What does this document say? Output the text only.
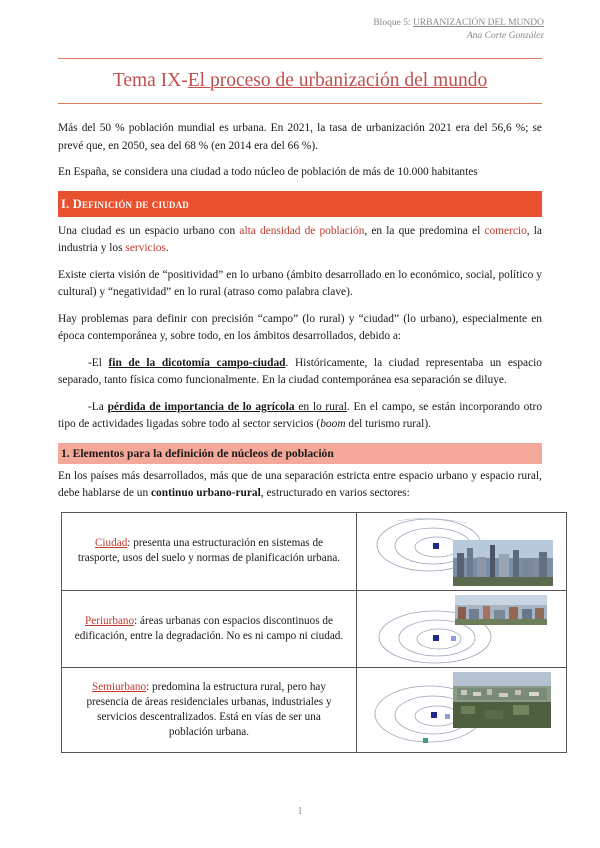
Bloque 5: URBANIZACIÓN DEL MUNDO
Ana Corte González
Tema IX-El proceso de urbanización del mundo

Más del 50 % población mundial es urbana. En 2021, la tasa de urbanización 2021 era del 56,6 %; se prevé que, en 2050, sea del 68 % (en 2014 era del 66 %).

En España, se considera una ciudad a todo núcleo de población de más de 10.000 habitantes

I. Definición de ciudad

Una ciudad es un espacio urbano con alta densidad de población, en la que predomina el comercio, la industria y los servicios.

Existe cierta visión de “positividad” en lo urbano (ámbito desarrollado en lo económico, social, político y cultural) y “negatividad” en lo rural (atraso como palabra clave).

Hay problemas para definir con precisión “campo” (lo rural) y “ciudad” (lo urbano), especialmente en época contemporánea y, sobre todo, en los ámbitos desarrollados, debido a:

-El fin de la dicotomía campo-ciudad. Históricamente, la ciudad representaba un espacio separado, tanto física como funcionalmente. En la ciudad contemporánea esa separación se diluye.

-La pérdida de importancia de lo agrícola en lo rural. En el campo, se están incorporando otro tipo de actividades ligadas sobre todo al sector servicios (boom del turismo rural).

1. Elementos para la definición de núcleos de población

En los países más desarrollados, más que de una separación estricta entre espacio urbano y espacio rural, debe hablarse de un continuo urbano-rural, estructurado en varios sectores:

Ciudad: presenta una estructuración en sistemas de trasporte, usos del suelo y normas de planificación urbana.	

Periurbano: áreas urbanas con espacios discontinuos de edificación, entre la degradación. No es ni campo ni ciudad.	

Semiurbano: predomina la estructura rural, pero hay presencia de áreas residenciales urbanas, industriales y servicios descentralizados. Está en vías de ser una población urbana.	
1
